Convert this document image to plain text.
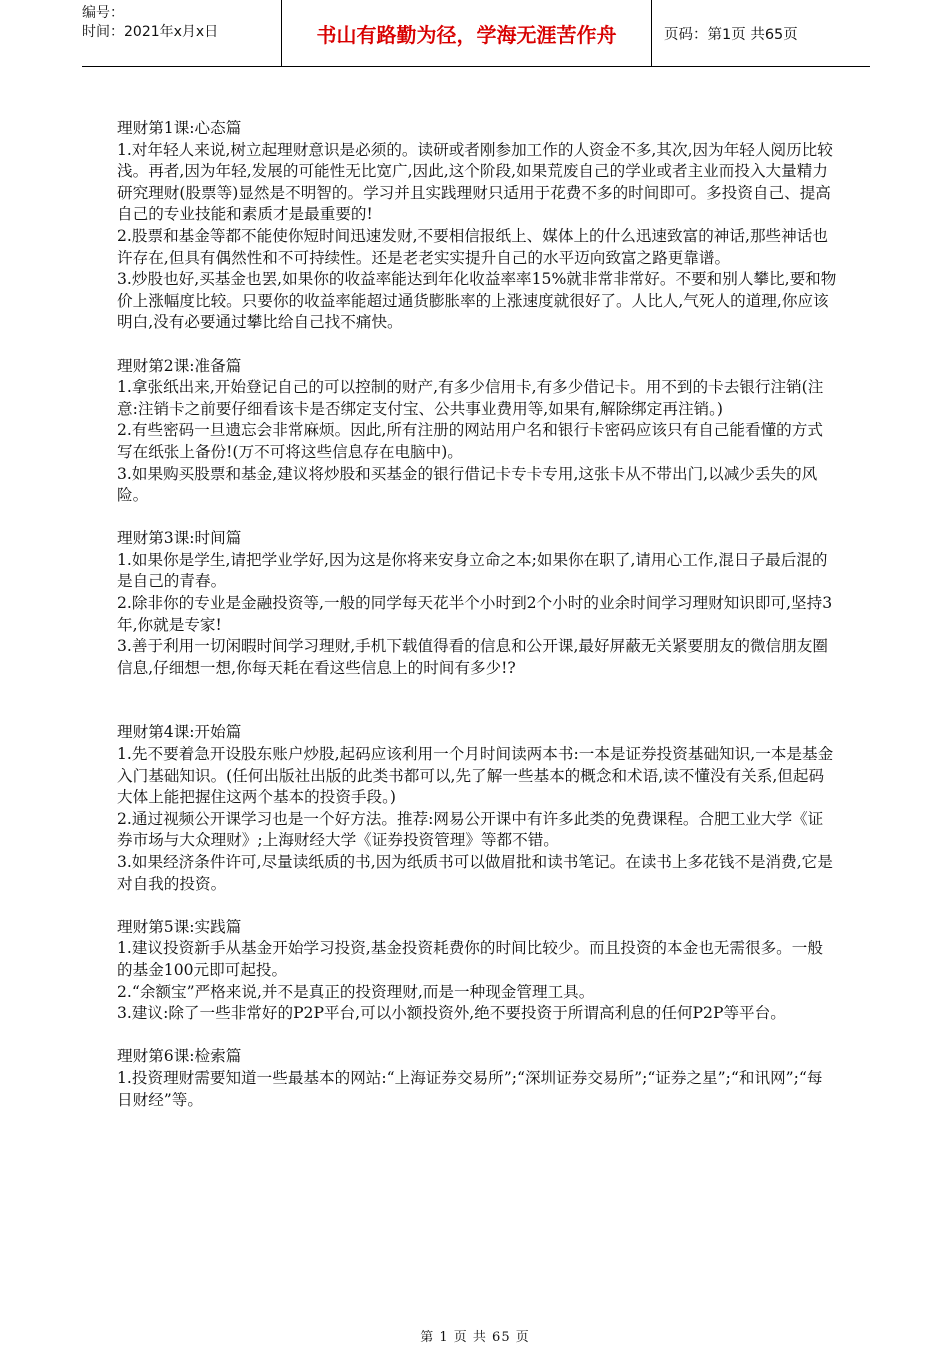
编号：
时间：2021年x月x日	书山有路勤为径，学海无涯苦作舟	页码：第1页 共65页

理财第1课:心态篇

1.对年轻人来说,树立起理财意识是必须的。读研或者刚参加工作的人资金不多,其次,因为年轻人阅历比较浅。再者,因为年轻,发展的可能性无比宽广,因此,这个阶段,如果荒废自己的学业或者主业而投入大量精力研究理财(股票等)显然是不明智的。学习并且实践理财只适用于花费不多的时间即可。多投资自己、提高自己的专业技能和素质才是最重要的!

2.股票和基金等都不能使你短时间迅速发财,不要相信报纸上、媒体上的什么迅速致富的神话,那些神话也许存在,但具有偶然性和不可持续性。还是老老实实提升自己的水平迈向致富之路更靠谱。

3.炒股也好,买基金也罢,如果你的收益率能达到年化收益率率15%就非常非常好。不要和别人攀比,要和物价上涨幅度比较。只要你的收益率能超过通货膨胀率的上涨速度就很好了。人比人,气死人的道理,你应该明白,没有必要通过攀比给自己找不痛快。

理财第2课:准备篇

1.拿张纸出来,开始登记自己的可以控制的财产,有多少信用卡,有多少借记卡。用不到的卡去银行注销(注意:注销卡之前要仔细看该卡是否绑定支付宝、公共事业费用等,如果有,解除绑定再注销。)

2.有些密码一旦遗忘会非常麻烦。因此,所有注册的网站用户名和银行卡密码应该只有自己能看懂的方式写在纸张上备份!(万不可将这些信息存在电脑中)。

3.如果购买股票和基金,建议将炒股和买基金的银行借记卡专卡专用,这张卡从不带出门,以减少丢失的风险。

理财第3课:时间篇

1.如果你是学生,请把学业学好,因为这是你将来安身立命之本;如果你在职了,请用心工作,混日子最后混的是自己的青春。

2.除非你的专业是金融投资等,一般的同学每天花半个小时到2个小时的业余时间学习理财知识即可,坚持3年,你就是专家!

3.善于利用一切闲暇时间学习理财,手机下载值得看的信息和公开课,最好屏蔽无关紧要朋友的微信朋友圈信息,仔细想一想,你每天耗在看这些信息上的时间有多少!?

理财第4课:开始篇

1.先不要着急开设股东账户炒股,起码应该利用一个月时间读两本书:一本是证券投资基础知识,一本是基金入门基础知识。(任何出版社出版的此类书都可以,先了解一些基本的概念和术语,读不懂没有关系,但起码大体上能把握住这两个基本的投资手段。)

2.通过视频公开课学习也是一个好方法。推荐:网易公开课中有许多此类的免费课程。合肥工业大学《证券市场与大众理财》;上海财经大学《证券投资管理》等都不错。

3.如果经济条件许可,尽量读纸质的书,因为纸质书可以做眉批和读书笔记。在读书上多花钱不是消费,它是对自我的投资。

理财第5课:实践篇

1.建议投资新手从基金开始学习投资,基金投资耗费你的时间比较少。而且投资的本金也无需很多。一般的基金100元即可起投。

2.“余额宝”严格来说,并不是真正的投资理财,而是一种现金管理工具。

3.建议:除了一些非常好的P2P平台,可以小额投资外,绝不要投资于所谓高利息的任何P2P等平台。

理财第6课:检索篇

1.投资理财需要知道一些最基本的网站:“上海证券交易所”;“深圳证券交易所”;“证券之星”;“和讯网”;“每日财经”等。

第 1 页 共 65 页
